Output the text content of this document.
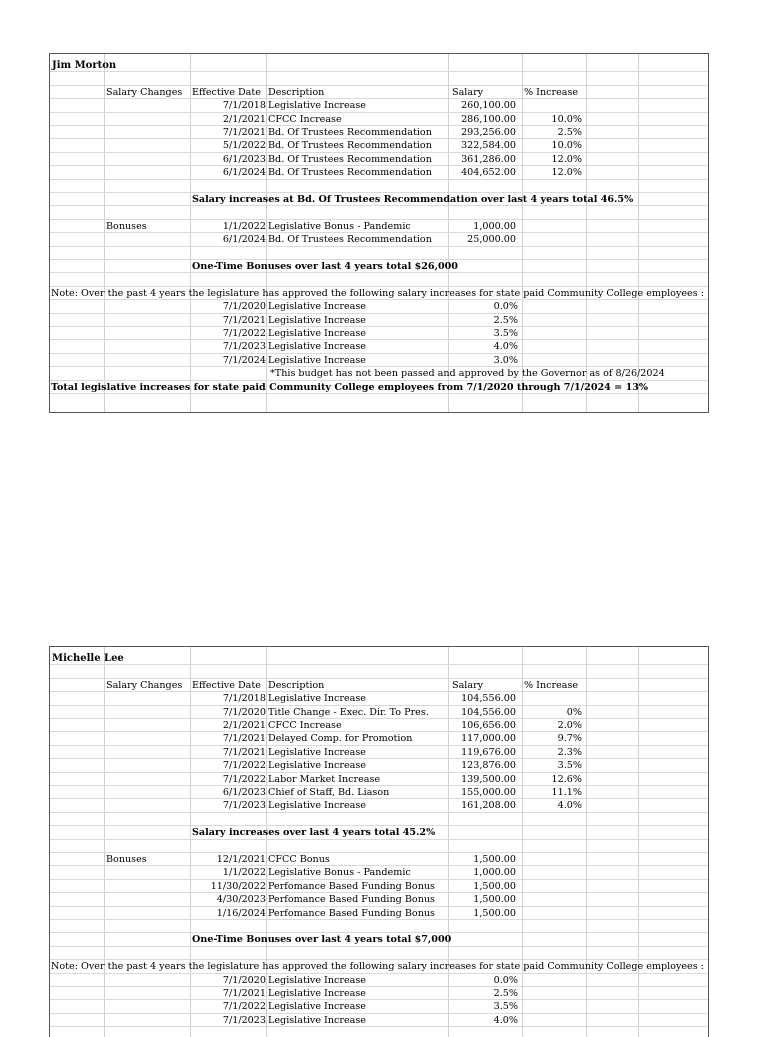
Jim Morton
Salary Changes Effective Date Description	Salary	% Increase
7/1/2018 Legislative Increase	260,100.00
2/1/2021 CFCC Increase	286,100.00	10.0%
7/1/2021 Bd. Of Trustees Recommendation	293,256.00	2.5%
5/1/2022 Bd. Of Trustees Recommendation	322,584.00	10.0%
6/1/2023 Bd. Of Trustees Recommendation	361,286.00	12.0%
6/1/2024 Bd. Of Trustees Recommendation	404,652.00	12.0%
Salary increases at Bd. Of Trustees Recommendation over last 4 years total 46.5%
Bonuses	1/1/2022 Legislative Bonus - Pandemic	1,000.00
6/1/2024 Bd. Of Trustees Recommendation	25,000.00
One-Time Bonuses over last 4 years total $26,000
Note: Over the past 4 years the legislature has approved the following salary increases for state paid Community College employees :
7/1/2020 Legislative Increase	0.0%
7/1/2021 Legislative Increase	2.5%
7/1/2022 Legislative Increase	3.5%
7/1/2023 Legislative Increase	4.0%
7/1/2024 Legislative Increase	3.0%
*This budget has not been passed and approved by the Governor as of 8/26/2024
Total legislative increases for state paid Community College employees from 7/1/2020 through 7/1/2024 = 13%
Michelle Lee
Salary Changes Effective Date Description	Salary	% Increase
7/1/2018 Legislative Increase	104,556.00
7/1/2020 Title Change - Exec. Dir. To Pres.	104,556.00	0%
2/1/2021 CFCC Increase	106,656.00	2.0%
7/1/2021 Delayed Comp. for Promotion	117,000.00	9.7%
7/1/2021 Legislative Increase	119,676.00	2.3%
7/1/2022 Legislative Increase	123,876.00	3.5%
7/1/2022 Labor Market Increase	139,500.00	12.6%
6/1/2023 Chief of Staff, Bd. Liason	155,000.00	11.1%
7/1/2023 Legislative Increase	161,208.00	4.0%
Salary increases over last 4 years total 45.2%
Bonuses	12/1/2021 CFCC Bonus	1,500.00
1/1/2022 Legislative Bonus - Pandemic	1,000.00
11/30/2022 Perfomance Based Funding Bonus	1,500.00
4/30/2023 Perfomance Based Funding Bonus	1,500.00
1/16/2024 Perfomance Based Funding Bonus	1,500.00
One-Time Bonuses over last 4 years total $7,000
Note: Over the past 4 years the legislature has approved the following salary increases for state paid Community College employees :
7/1/2020 Legislative Increase	0.0%
7/1/2021 Legislative Increase	2.5%
7/1/2022 Legislative Increase	3.5%
7/1/2023 Legislative Increase	4.0%
